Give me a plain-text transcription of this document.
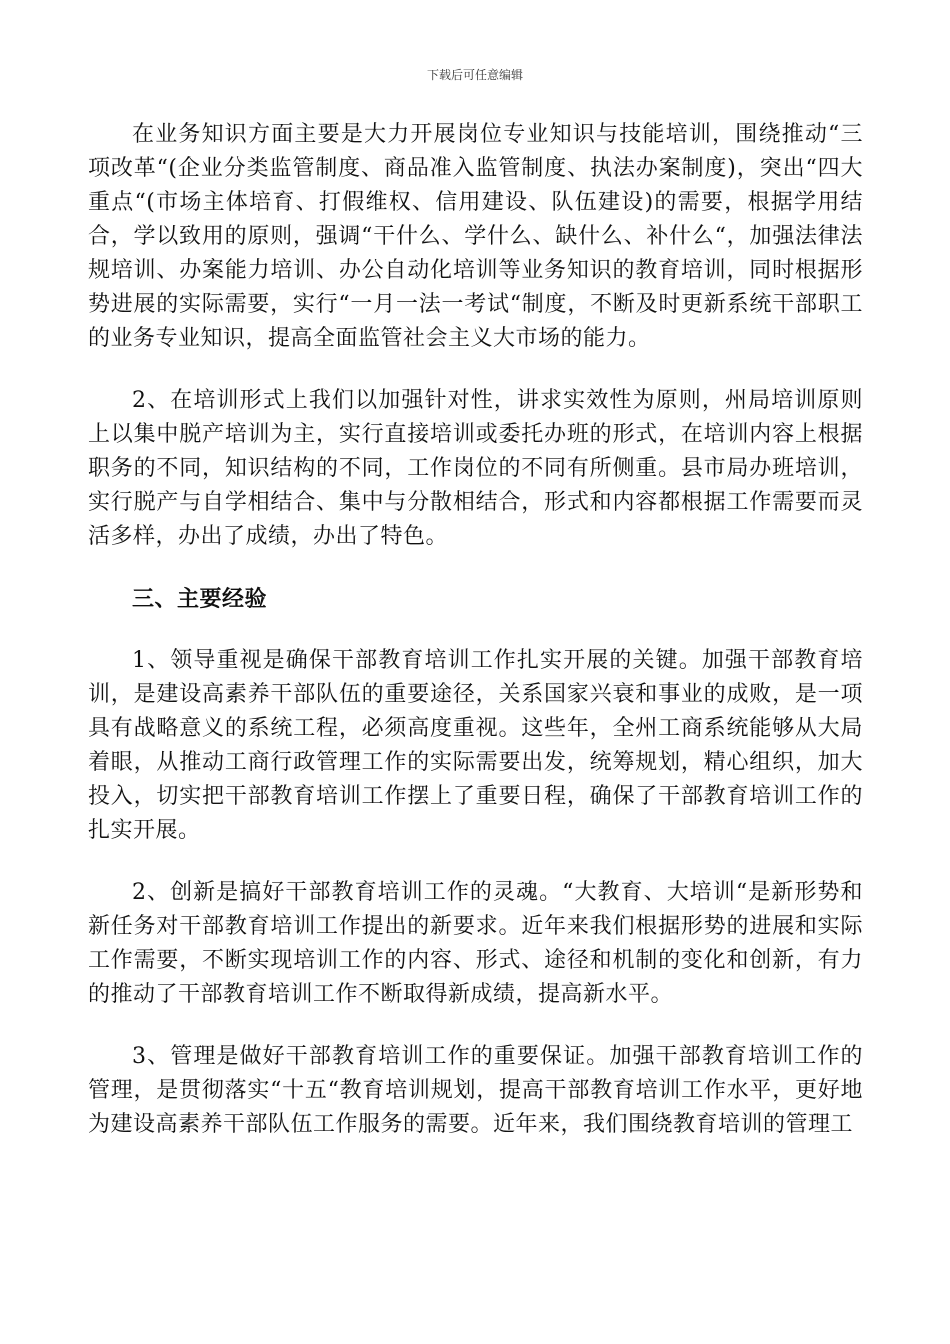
下载后可任意编辑

在业务知识方面主要是大力开展岗位专业知识与技能培训，围绕推动“三项改革“(企业分类监管制度、商品准入监管制度、执法办案制度)，突出“四大重点“(市场主体培育、打假维权、信用建设、队伍建设)的需要，根据学用结合，学以致用的原则，强调“干什么、学什么、缺什么、补什么“，加强法律法规培训、办案能力培训、办公自动化培训等业务知识的教育培训，同时根据形势进展的实际需要，实行“一月一法一考试“制度，不断及时更新系统干部职工的业务专业知识，提高全面监管社会主义大市场的能力。

2、在培训形式上我们以加强针对性，讲求实效性为原则，州局培训原则上以集中脱产培训为主，实行直接培训或委托办班的形式，在培训内容上根据职务的不同，知识结构的不同，工作岗位的不同有所侧重。县市局办班培训，实行脱产与自学相结合、集中与分散相结合，形式和内容都根据工作需要而灵活多样，办出了成绩，办出了特色。

三、主要经验

1、领导重视是确保干部教育培训工作扎实开展的关键。加强干部教育培训，是建设高素养干部队伍的重要途径，关系国家兴衰和事业的成败，是一项具有战略意义的系统工程，必须高度重视。这些年，全州工商系统能够从大局着眼，从推动工商行政管理工作的实际需要出发，统筹规划，精心组织，加大投入，切实把干部教育培训工作摆上了重要日程，确保了干部教育培训工作的扎实开展。

2、创新是搞好干部教育培训工作的灵魂。“大教育、大培训“是新形势和新任务对干部教育培训工作提出的新要求。近年来我们根据形势的进展和实际工作需要，不断实现培训工作的内容、形式、途径和机制的变化和创新，有力的推动了干部教育培训工作不断取得新成绩，提高新水平。

3、管理是做好干部教育培训工作的重要保证。加强干部教育培训工作的管理，是贯彻落实“十五“教育培训规划，提高干部教育培训工作水平，更好地为建设高素养干部队伍工作服务的需要。近年来，我们围绕教育培训的管理工
